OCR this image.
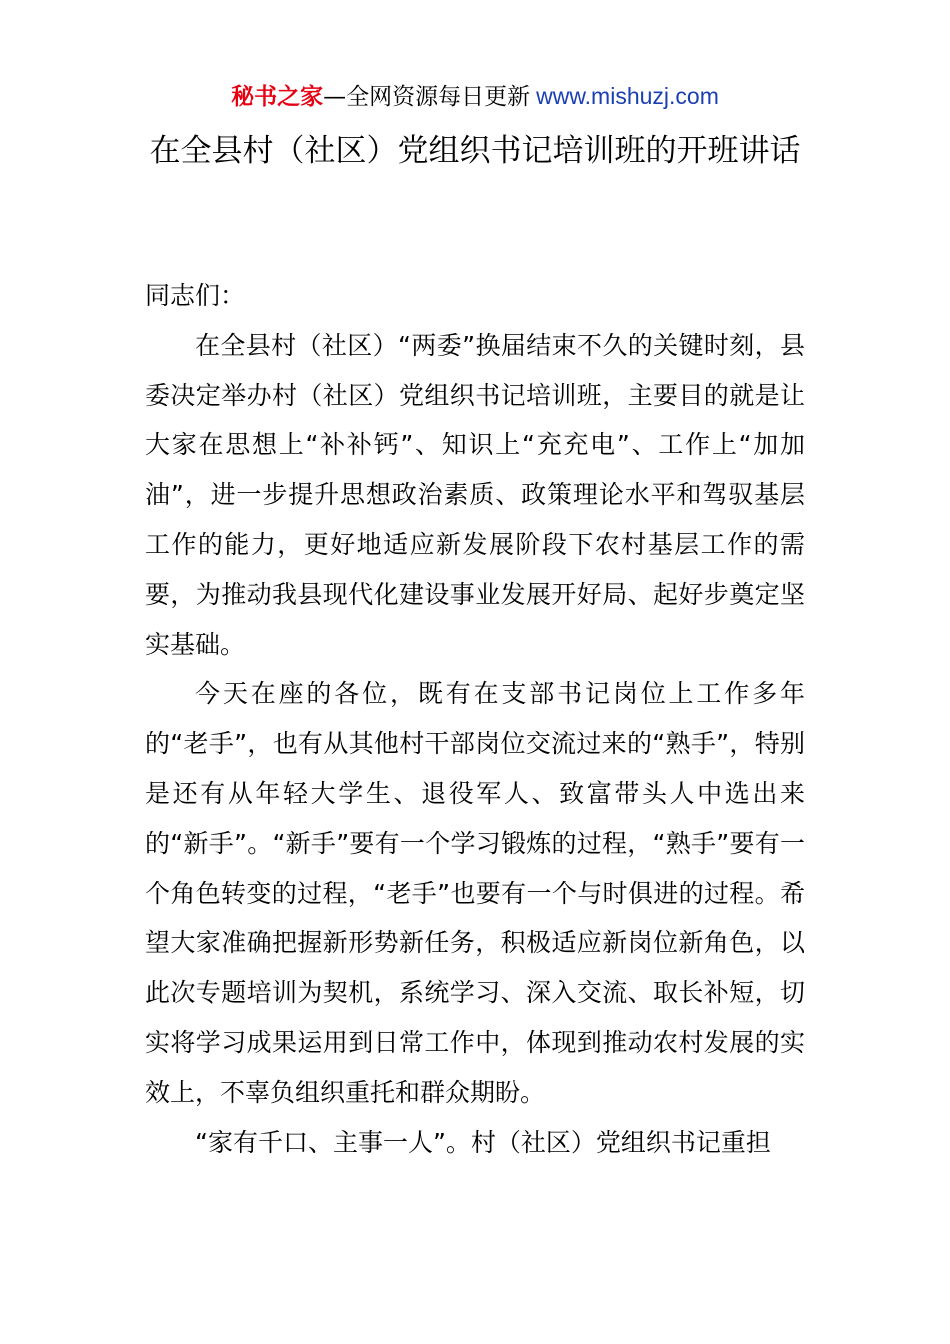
秘书之家—全网资源每日更新 www.mishuzj.com
在全县村（社区）党组织书记培训班的开班讲话

同志们：

在全县村（社区）“两委”换届结束不久的关键时刻，县委决定举办村（社区）党组织书记培训班，主要目的就是让大家在思想上“补补钙”、知识上“充充电”、工作上“加加油”，进一步提升思想政治素质、政策理论水平和驾驭基层工作的能力，更好地适应新发展阶段下农村基层工作的需要，为推动我县现代化建设事业发展开好局、起好步奠定坚实基础。

今天在座的各位，既有在支部书记岗位上工作多年的“老手”，也有从其他村干部岗位交流过来的“熟手”，特别是还有从年轻大学生、退役军人、致富带头人中选出来的“新手”。“新手”要有一个学习锻炼的过程，“熟手”要有一个角色转变的过程，“老手”也要有一个与时俱进的过程。希望大家准确把握新形势新任务，积极适应新岗位新角色，以此次专题培训为契机，系统学习、深入交流、取长补短，切实将学习成果运用到日常工作中，体现到推动农村发展的实效上，不辜负组织重托和群众期盼。

“家有千口、主事一人”。村（社区）党组织书记重担
